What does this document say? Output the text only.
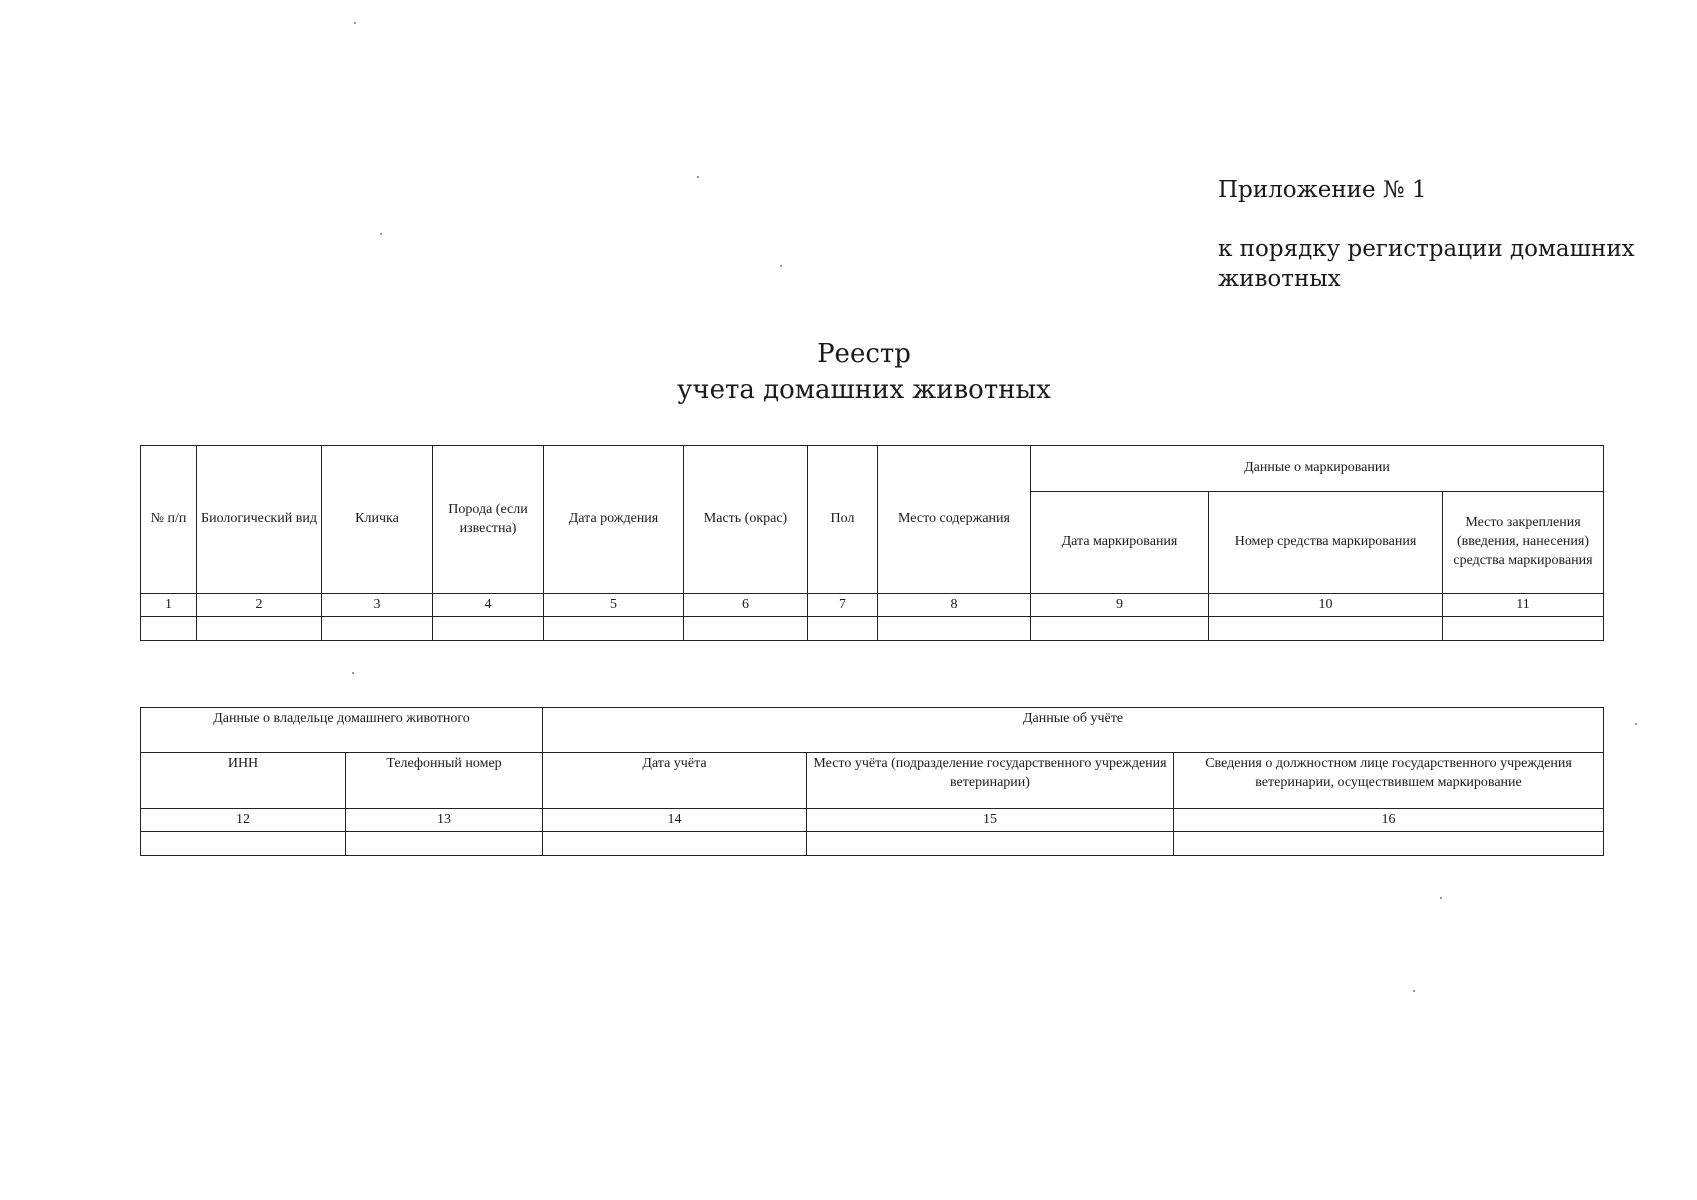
Приложение № 1
к порядку регистрации домашних животных
Реестр
учета домашних животных
№ п/п	Биологический вид	Кличка	Порода (если известна)	Дата рождения	Масть (окрас)	Пол	Место содержания	Данные о маркировании		
								Дата маркирования	Номер средства маркирования	Место закрепления (введения, нанесения) средства маркирования
1	2	3	4	5	6	7	8	9	10	11

Данные о владельце домашнего животного		Данные об учёте		
ИНН	Телефонный номер	Дата учёта	Место учёта (подразделение государственного учреждения ветеринарии)	Сведения о должностном лице государственного учреждения ветеринарии, осуществившем маркирование
12	13	14	15	16
